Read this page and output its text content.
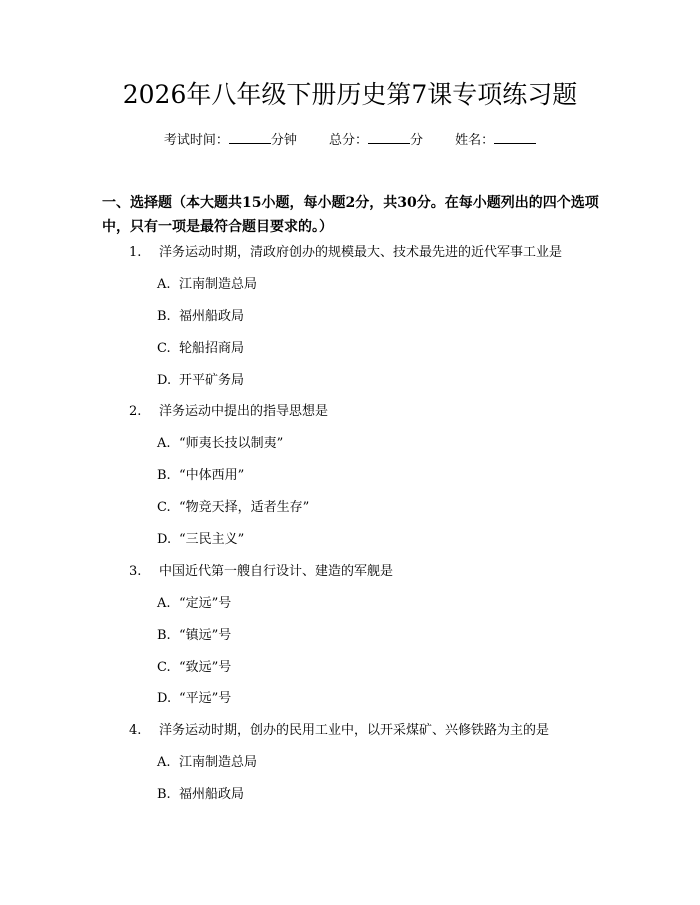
2026年八年级下册历史第7课专项练习题
考试时间：	分钟 总分：	分 姓名：
一、选择题（本大题共15小题，每小题2分，共30分。在每小题列出的四个选项中，只有一项是最符合题目要求的。）
1. 洋务运动时期，清政府创办的规模最大、技术最先进的近代军事工业是
A. 江南制造总局
B. 福州船政局
C. 轮船招商局
D. 开平矿务局
2. 洋务运动中提出的指导思想是
A. “师夷长技以制夷”
B. “中体西用”
C. “物竞天择，适者生存”
D. “三民主义”
3. 中国近代第一艘自行设计、建造的军舰是
A. “定远”号
B. “镇远”号
C. “致远”号
D. “平远”号
4. 洋务运动时期，创办的民用工业中，以开采煤矿、兴修铁路为主的是
A. 江南制造总局
B. 福州船政局
